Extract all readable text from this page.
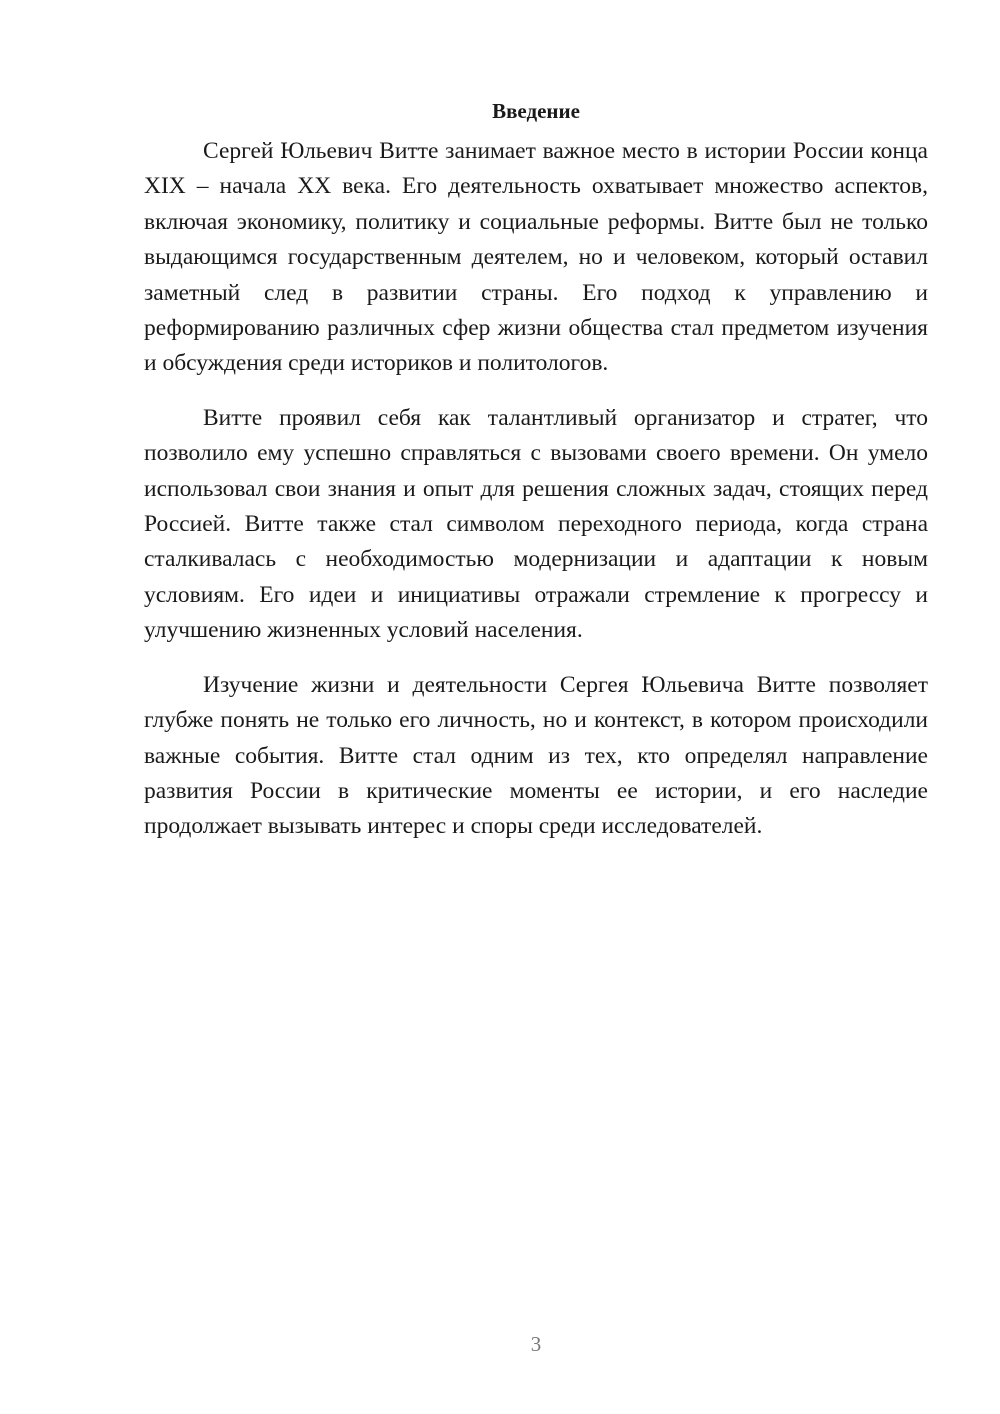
Введение

Сергей Юльевич Витте занимает важное место в истории России конца XIX – начала XX века. Его деятельность охватывает множество аспектов, включая экономику, политику и социальные реформы. Витте был не только выдающимся государственным деятелем, но и человеком, который оставил заметный след в развитии страны. Его подход к управлению и реформированию различных сфер жизни общества стал предметом изучения и обсуждения среди историков и политологов.

Витте проявил себя как талантливый организатор и стратег, что позволило ему успешно справляться с вызовами своего времени. Он умело использовал свои знания и опыт для решения сложных задач, стоящих перед Россией. Витте также стал символом переходного периода, когда страна сталкивалась с необходимостью модернизации и адаптации к новым условиям. Его идеи и инициативы отражали стремление к прогрессу и улучшению жизненных условий населения.

Изучение жизни и деятельности Сергея Юльевича Витте позволяет глубже понять не только его личность, но и контекст, в котором происходили важные события. Витте стал одним из тех, кто определял направление развития России в критические моменты ее истории, и его наследие продолжает вызывать интерес и споры среди исследователей.

3
